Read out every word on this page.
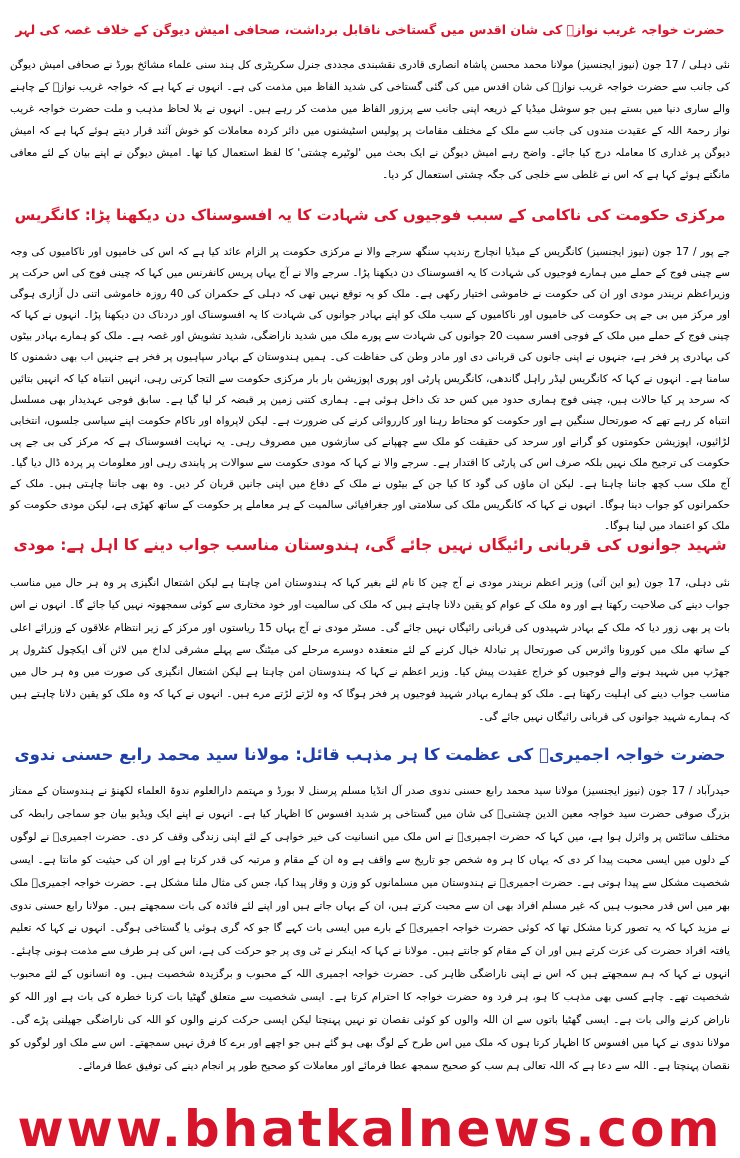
حضرت خواجہ غریب نوازؒ کی شان اقدس میں گستاخی ناقابل برداشت، صحافی امیش دیوگن کے خلاف غصہ کی لہر
نئی دہلی / 17 جون (نیوز ایجنسیز) مولانا محمد محسن پاشاہ انصاری قادری نقشبندی مجددی جنرل سکریٹری کل ہند سنی علماء مشائخ بورڈ نے صحافی امیش دیوگن کی جانب سے حضرت خواجہ غریب نوازؒ کی شان اقدس میں کی گئی گستاخی کی شدید الفاظ میں مذمت کی ہے۔ انہوں نے کہا ہے کہ خواجہ غریب نوازؒ کے چاہنے والے ساری دنیا میں بستے ہیں جو سوشل میڈیا کے ذریعہ اپنی جانب سے پرزور الفاظ میں مذمت کر رہے ہیں۔ انہوں نے بلا لحاظ مذہب و ملت حضرت خواجہ غریب نواز رحمۃ اللہ کے عقیدت مندوں کی جانب سے ملک کے مختلف مقامات پر پولیس اسٹیشنوں میں دائر کردہ معاملات کو خوش آئند قرار دیتے ہوئے کہا ہے کہ امیش دیوگن پر غداری کا معاملہ درج کیا جائے۔ واضح رہے امیش دیوگن نے ایک بحث میں 'لوٹیرے چشتی' کا لفظ استعمال کیا تھا۔ امیش دیوگن نے اپنے بیان کے لئے معافی مانگتے ہوئے کہا ہے کہ اس نے غلطی سے خلجی کی جگہ چشتی استعمال کر دیا۔
مرکزی حکومت کی ناکامی کے سبب فوجیوں کی شہادت کا یہ افسوسناک دن دیکھنا پڑا: کانگریس
جے پور / 17 جون (نیوز ایجنسیز) کانگریس کے میڈیا انچارج رندیپ سنگھ سرجے والا نے مرکزی حکومت پر الزام عائد کیا ہے کہ اس کی خامیوں اور ناکامیوں کی وجہ سے چینی فوج کے حملے میں ہمارے فوجیوں کی شہادت کا یہ افسوسناک دن دیکھنا پڑا۔ سرجے والا نے آج یہاں پریس کانفرنس میں کہا کہ چینی فوج کی اس حرکت پر وزیراعظم نریندر مودی اور ان کی حکومت نے خاموشی اختیار رکھی ہے۔ ملک کو یہ توقع نہیں تھی کہ دہلی کے حکمران کی 40 روزہ خاموشی اتنی دل آزاری ہوگی اور مرکز میں بی جے پی حکومت کی خامیوں اور ناکامیوں کے سبب ملک کو اپنے بہادر جوانوں کی شہادت کا یہ افسوسناک اور دردناک دن دیکھنا پڑا۔ انہوں نے کہا کہ چینی فوج کے حملے میں ملک کے فوجی افسر سمیت 20 جوانوں کی شہادت سے پورے ملک میں شدید ناراضگی، شدید تشویش اور غصہ ہے۔ ملک کو ہمارے بہادر بیٹوں کی بہادری پر فخر ہے، جنہوں نے اپنی جانوں کی قربانی دی اور مادر وطن کی حفاظت کی۔ ہمیں ہندوستان کے بہادر سپاہیوں پر فخر ہے جنہیں اب بھی دشمنوں کا سامنا ہے۔ انہوں نے کہا کہ کانگریس لیڈر راہل گاندھی، کانگریس پارٹی اور پوری اپوزیشن بار بار مرکزی حکومت سے التجا کرتی رہی، انہیں انتباہ کیا کہ انہیں بتائیں کہ سرحد پر کیا حالات ہیں، چینی فوج ہماری حدود میں کس حد تک داخل ہوئی ہے۔ ہماری کتنی زمین پر قبضہ کر لیا گیا ہے۔ سابق فوجی عہدیدار بھی مسلسل انتباہ کر رہے تھے کہ صورتحال سنگین ہے اور حکومت کو محتاط رہنا اور کارروائی کرنے کی ضرورت ہے۔ لیکن لاپرواہ اور ناکام حکومت اپنے سیاسی جلسوں، انتخابی لڑائیوں، اپوزیشن حکومتوں کو گرانے اور سرحد کی حقیقت کو ملک سے چھپانے کی سازشوں میں مصروف رہی۔ یہ نہایت افسوسناک ہے کہ مرکز کی بی جے پی حکومت کی ترجیح ملک نہیں بلکہ صرف اس کی پارٹی کا اقتدار ہے۔ سرجے والا نے کہا کہ مودی حکومت سے سوالات پر پابندی رہی اور معلومات پر پردہ ڈال دیا گیا۔ آج ملک سب کچھ جاننا چاہتا ہے۔ لیکن ان ماؤں کی گود کا کیا جن کے بیٹوں نے ملک کے دفاع میں اپنی جانیں قربان کر دیں۔ وہ بھی جاننا چاہتی ہیں۔ ملک کے حکمرانوں کو جواب دینا ہوگا۔ انہوں نے کہا کہ کانگریس ملک کی سلامتی اور جغرافیائی سالمیت کے ہر معاملے پر حکومت کے ساتھ کھڑی ہے، لیکن مودی حکومت کو ملک کو اعتماد میں لینا ہوگا۔
شہید جوانوں کی قربانی رائیگاں نہیں جائے گی، ہندوستان مناسب جواب دینے کا اہل ہے: مودی
نئی دہلی، 17 جون (یو این آئی) وزیر اعظم نریندر مودی نے آج چین کا نام لئے بغیر کہا کہ ہندوستان امن چاہتا ہے لیکن اشتعال انگیزی پر وہ ہر حال میں مناسب جواب دینے کی صلاحیت رکھتا ہے اور وہ ملک کے عوام کو یقین دلانا چاہتے ہیں کہ ملک کی سالمیت اور خود مختاری سے کوئی سمجھوتہ نہیں کیا جائے گا۔ انہوں نے اس بات پر بھی زور دیا کہ ملک کے بہادر شہیدوں کی قربانی رائیگاں نہیں جائے گی۔ مسٹر مودی نے آج یہاں 15 ریاستوں اور مرکز کے زیر انتظام علاقوں کے وزرائے اعلی کے ساتھ ملک میں کورونا وائرس کی صورتحال پر تبادلۂ خیال کرنے کے لئے منعقدہ دوسرے مرحلے کی میٹنگ سے پہلے مشرقی لداخ میں لائن آف ایکچول کنٹرول پر جھڑپ میں شہید ہونے والے فوجیوں کو خراج عقیدت پیش کیا۔ وزیر اعظم نے کہا کہ ہندوستان امن چاہتا ہے لیکن اشتعال انگیزی کی صورت میں وہ ہر حال میں مناسب جواب دینے کی اہلیت رکھتا ہے۔ ملک کو ہمارے بہادر شہید فوجیوں پر فخر ہوگا کہ وہ لڑتے لڑتے مرے ہیں۔ انہوں نے کہا کہ وہ ملک کو یقین دلانا چاہتے ہیں کہ ہمارے شہید جوانوں کی قربانی رائیگاں نہیں جائے گی۔
حضرت خواجہ اجمیریؒ کی عظمت کا ہر مذہب قائل: مولانا سید محمد رابع حسنی ندوی
حیدرآباد / 17 جون (نیوز ایجنسیز) مولانا سید محمد رابع حسنی ندوی صدر آل انڈیا مسلم پرسنل لا بورڈ و مہتمم دارالعلوم ندوۃ العلماء لکھنؤ نے ہندوستان کے ممتاز بزرگ صوفی حضرت سید خواجہ معین الدین چشتیؒ کی شان میں گستاخی پر شدید افسوس کا اظہار کیا ہے۔ انہوں نے اپنے ایک ویڈیو بیان جو سماجی رابطہ کی مختلف سائٹس پر وائرل ہوا ہے، میں کہا کہ حضرت اجمیریؒ نے اس ملک میں انسانیت کی خیر خواہی کے لئے اپنی زندگی وقف کر دی۔ حضرت اجمیریؒ نے لوگوں کے دلوں میں ایسی محبت پیدا کر دی کہ یہاں کا ہر وہ شخص جو تاریخ سے واقف ہے وہ ان کے مقام و مرتبہ کی قدر کرتا ہے اور ان کی حیثیت کو مانتا ہے۔ ایسی شخصیت مشکل سے پیدا ہوتی ہے۔ حضرت اجمیریؒ نے ہندوستان میں مسلمانوں کو وزن و وقار پیدا کیا، جس کی مثال ملنا مشکل ہے۔ حضرت خواجہ اجمیریؒ ملک بھر میں اس قدر محبوب ہیں کہ غیر مسلم افراد بھی ان سے محبت کرتے ہیں، ان کے یہاں جاتے ہیں اور اپنے لئے فائدہ کی بات سمجھتے ہیں۔ مولانا رابع حسنی ندوی نے مزید کہا کہ یہ تصور کرنا مشکل تھا کہ کوئی حضرت خواجہ اجمیریؒ کے بارے میں ایسی بات کہے گا جو کہ گری ہوئی یا گستاخی ہوگی۔ انہوں نے کہا کہ تعلیم یافتہ افراد حضرت کی عزت کرتے ہیں اور ان کے مقام کو جانتے ہیں۔ مولانا نے کہا کہ اینکر نے ٹی وی پر جو حرکت کی ہے، اس کی ہر طرف سے مذمت ہونی چاہئے۔ انہوں نے کہا کہ ہم سمجھتے ہیں کہ اس نے اپنی ناراضگی ظاہر کی۔ حضرت خواجہ اجمیری اللہ کے محبوب و برگزیدہ شخصیت ہیں۔ وہ انسانوں کے لئے محبوب شخصیت تھے۔ چاہے کسی بھی مذہب کا ہو، ہر فرد وہ حضرت خواجہ کا احترام کرتا ہے۔ ایسی شخصیت سے متعلق گھٹیا بات کرنا خطرہ کی بات ہے اور اللہ کو ناراض کرنے والی بات ہے۔ ایسی گھٹیا باتوں سے ان اللہ والوں کو کوئی نقصان تو نہیں پہنچتا لیکن ایسی حرکت کرنے والوں کو اللہ کی ناراضگی جھیلنی پڑے گی۔ مولانا ندوی نے کہا میں افسوس کا اظہار کرتا ہوں کہ ملک میں اس طرح کے لوگ بھی ہو گئے ہیں جو اچھے اور برے کا فرق نہیں سمجھتے۔ اس سے ملک اور لوگوں کو نقصان پہنچتا ہے۔ اللہ سے دعا ہے کہ اللہ تعالی ہم سب کو صحیح سمجھ عطا فرمائے اور معاملات کو صحیح طور پر انجام دینے کی توفیق عطا فرمائے۔
www.bhatkalnews.com
